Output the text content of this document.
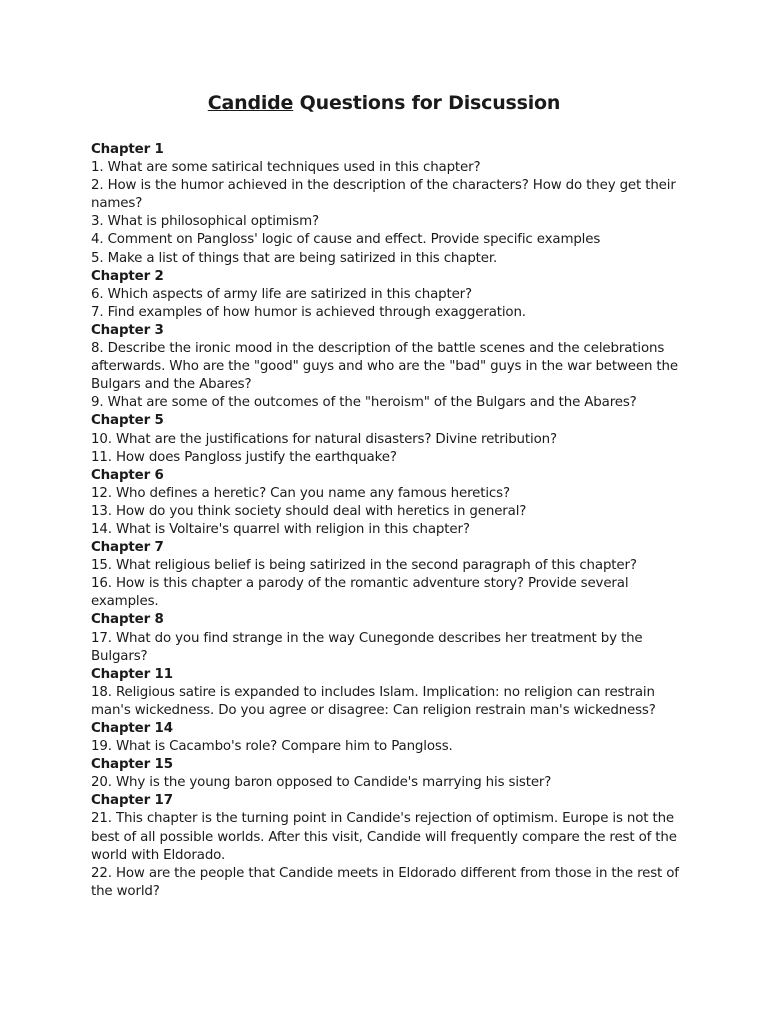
Candide Questions for Discussion
Chapter 1
1. What are some satirical techniques used in this chapter?
2. How is the humor achieved in the description of the characters? How do they get their names?
3. What is philosophical optimism?
4. Comment on Pangloss' logic of cause and effect. Provide specific examples
5. Make a list of things that are being satirized in this chapter.
Chapter 2
6. Which aspects of army life are satirized in this chapter?
7. Find examples of how humor is achieved through exaggeration.
Chapter 3
8. Describe the ironic mood in the description of the battle scenes and the celebrations afterwards. Who are the "good" guys and who are the "bad" guys in the war between the Bulgars and the Abares?
9. What are some of the outcomes of the "heroism" of the Bulgars and the Abares?
Chapter 5
10. What are the justifications for natural disasters? Divine retribution?
11. How does Pangloss justify the earthquake?
Chapter 6
12. Who defines a heretic? Can you name any famous heretics?
13. How do you think society should deal with heretics in general?
14. What is Voltaire's quarrel with religion in this chapter?
Chapter 7
15. What religious belief is being satirized in the second paragraph of this chapter?
16. How is this chapter a parody of the romantic adventure story? Provide several examples.
Chapter 8
17. What do you find strange in the way Cunegonde describes her treatment by the Bulgars?
Chapter 11
18. Religious satire is expanded to includes Islam. Implication: no religion can restrain man's wickedness. Do you agree or disagree: Can religion restrain man's wickedness?
Chapter 14
19. What is Cacambo's role? Compare him to Pangloss.
Chapter 15
20. Why is the young baron opposed to Candide's marrying his sister?
Chapter 17
21. This chapter is the turning point in Candide's rejection of optimism. Europe is not the best of all possible worlds. After this visit, Candide will frequently compare the rest of the world with Eldorado.
22. How are the people that Candide meets in Eldorado different from those in the rest of the world?
